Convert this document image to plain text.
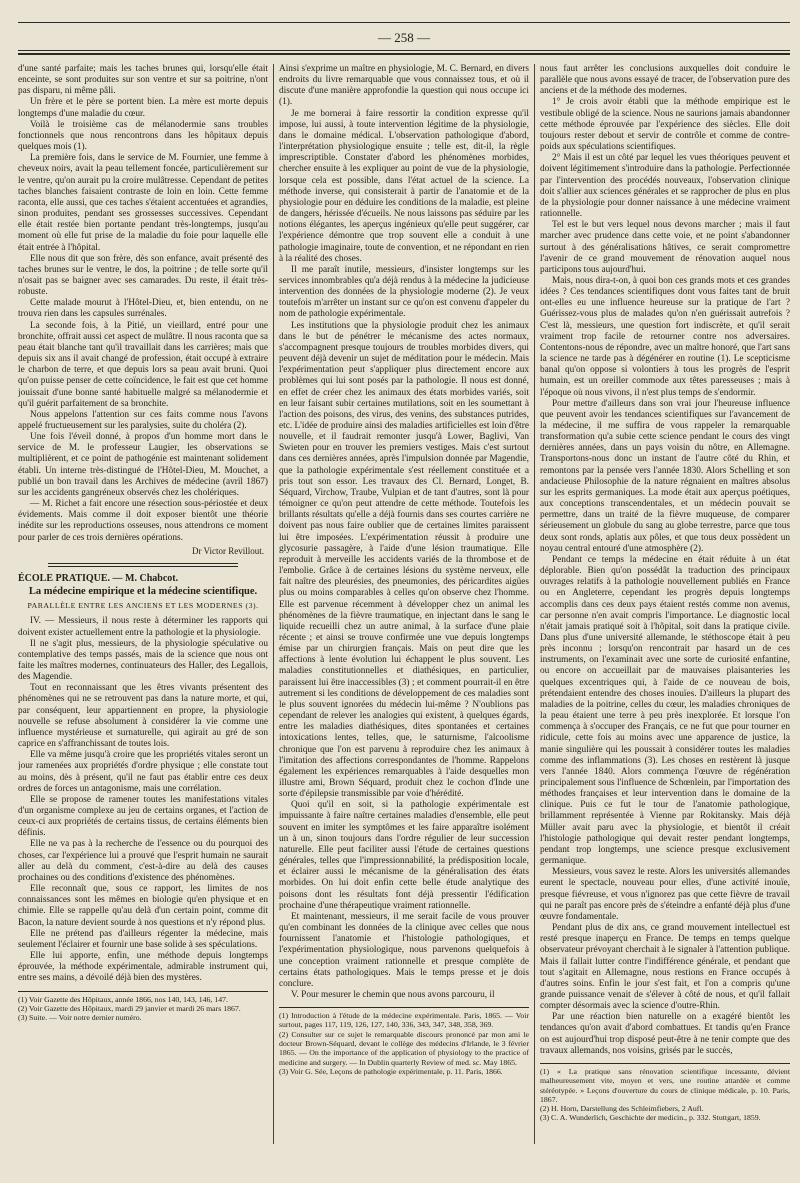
— 258 —

d'une santé parfaite; mais les taches brunes qui, lorsqu'elle était enceinte, se sont produites sur son ventre et sur sa poitrine, n'ont pas disparu, ni même pâli.

Un frère et le père se portent bien. La mère est morte depuis longtemps d'une maladie du cœur.

Voilà le troisième cas de mélanodermie sans troubles fonctionnels que nous rencontrons dans les hôpitaux depuis quelques mois (1).

La première fois, dans le service de M. Fournier, une femme à cheveux noirs, avait la peau tellement foncée, particulièrement sur le ventre, qu'on aurait pu la croire mulâtresse. Cependant de petites taches blanches faisaient contraste de loin en loin. Cette femme raconta, elle aussi, que ces taches s'étaient accentuées et agrandies, sinon produites, pendant ses grossesses successives. Cependant elle était restée bien portante pendant très-longtemps, jusqu'au moment où elle fut prise de la maladie du foie pour laquelle elle était entrée à l'hôpital.

Elle nous dit que son frère, dès son enfance, avait présenté des taches brunes sur le ventre, le dos, la poitrine ; de telle sorte qu'il n'osait pas se baigner avec ses camarades. Du reste, il était très-robuste.

Cette malade mourut à l'Hôtel-Dieu, et, bien entendu, on ne trouva rien dans les capsules surrénales.

La seconde fois, à la Pitié, un vieillard, entré pour une bronchite, offrait aussi cet aspect de mulâtre. Il nous raconta que sa peau était blanche tant qu'il travaillait dans les carrières; mais que depuis six ans il avait changé de profession, était occupé à extraire le charbon de terre, et que depuis lors sa peau avait bruni. Quoi qu'on puisse penser de cette coïncidence, le fait est que cet homme jouissait d'une bonne santé habituelle malgré sa mélanodermie et qu'il guérit parfaitement de sa bronchite.

Nous appelons l'attention sur ces faits comme nous l'avons appelé fructueusement sur les paralysies, suite du choléra (2).

Une fois l'éveil donné, à propos d'un homme mort dans le service de M. le professeur Laugier, les observations se multiplièrent, et ce point de pathogénie est maintenant solidement établi. Un interne très-distingué de l'Hôtel-Dieu, M. Mouchet, a publié un bon travail dans les Archives de médecine (avril 1867) sur les accidents gangréneux observés chez les cholériques.

— M. Richet a fait encore une résection sous-périostée et deux évidements. Mais comme il doit exposer bientôt une théorie inédite sur les reproductions osseuses, nous attendrons ce moment pour parler de ces trois dernières opérations.

Dr Victor Revillout.
ÉCOLE PRATIQUE. — M. Chabcot.
La médecine empirique et la médecine scientifique.
PARALLÈLE ENTRE LES ANCIENS ET LES MODERNES (3).

IV. — Messieurs, il nous reste à déterminer les rapports qui doivent exister actuellement entre la pathologie et la physiologie.

Il ne s'agit plus, messieurs, de la physiologie spéculative ou contemplative des temps passés, mais de la science que nous ont faite les maîtres modernes, continuateurs des Haller, des Legallois, des Magendie.

Tout en reconnaissant que les êtres vivants présentent des phénomènes qui ne se retrouvent pas dans la nature morte, et qui, par conséquent, leur appartiennent en propre, la physiologie nouvelle se refuse absolument à considérer la vie comme une influence mystérieuse et surnaturelle, qui agirait au gré de son caprice en s'affranchissant de toutes lois.

Elle va même jusqu'à croire que les propriétés vitales seront un jour ramenées aux propriétés d'ordre physique ; elle constate tout au moins, dès à présent, qu'il ne faut pas établir entre ces deux ordres de forces un antagonisme, mais une corrélation.

Elle se propose de ramener toutes les manifestations vitales d'un organisme complexe au jeu de certains organes, et l'action de ceux-ci aux propriétés de certains tissus, de certains éléments bien définis.

Elle ne va pas à la recherche de l'essence ou du pourquoi des choses, car l'expérience lui a prouvé que l'esprit humain ne saurait aller au delà du comment, c'est-à-dire au delà des causes prochaines ou des conditions d'existence des phénomènes.

Elle reconnaît que, sous ce rapport, les limites de nos connaissances sont les mêmes en biologie qu'en physique et en chimie. Elle se rappelle qu'au delà d'un certain point, comme dit Bacon, la nature devient sourde à nos questions et n'y répond plus.

Elle ne prétend pas d'ailleurs régenter la médecine, mais seulement l'éclairer et fournir une base solide à ses spéculations.

Elle lui apporte, enfin, une méthode depuis longtemps éprouvée, la méthode expérimentale, admirable instrument qui, entre ses mains, a dévoilé déjà bien des mystères.

(1) Voir Gazette des Hôpitaux, année 1866, nos 140, 143, 146, 147.

(2) Voir Gazette des Hôpitaux, mardi 29 janvier et mardi 26 mars 1867.

(3) Suite. — Voir notre dernier numéro.

Ainsi s'exprime un maître en physiologie, M. C. Bernard, en divers endroits du livre remarquable que vous connaissez tous, et où il discute d'une manière approfondie la question qui nous occupe ici (1).

Je me bornerai à faire ressortir la condition expresse qu'il impose, lui aussi, à toute intervention légitime de la physiologie, dans le domaine médical. L'observation pathologique d'abord, l'interprétation physiologique ensuite ; telle est, dit-il, la règle imprescriptible. Constater d'abord les phénomènes morbides, chercher ensuite à les expliquer au point de vue de la physiologie, lorsque cela est possible, dans l'état actuel de la science. La méthode inverse, qui consisterait à partir de l'anatomie et de la physiologie pour en déduire les conditions de la maladie, est pleine de dangers, hérissée d'écueils. Ne nous laissons pas séduire par les notions élégantes, les aperçus ingénieux qu'elle peut suggérer, car l'expérience démontre que trop souvent elle a conduit à une pathologie imaginaire, toute de convention, et ne répondant en rien à la réalité des choses.

Il me paraît inutile, messieurs, d'insister longtemps sur les services innombrables qu'a déjà rendus à la médecine la judicieuse intervention des données de la physiologie moderne (2). Je veux toutefois m'arrêter un instant sur ce qu'on est convenu d'appeler du nom de pathologie expérimentale.

Les institutions que la physiologie produit chez les animaux dans le but de pénétrer le mécanisme des actes normaux, s'accompagnent presque toujours de troubles morbides divers, qui peuvent déjà devenir un sujet de méditation pour le médecin. Mais l'expérimentation peut s'appliquer plus directement encore aux problèmes qui lui sont posés par la pathologie. Il nous est donné, en effet de créer chez les animaux des états morbides variés, soit en leur faisant subir certaines mutilations, soit en les soumettant à l'action des poisons, des virus, des venins, des substances putrides, etc. L'idée de produire ainsi des maladies artificielles est loin d'être nouvelle, et il faudrait remonter jusqu'à Lower, Baglivi, Van Swieten pour en trouver les premiers vestiges. Mais c'est surtout dans ces dernières années, après l'impulsion donnée par Magendie, que la pathologie expérimentale s'est réellement constituée et a pris tout son essor. Les travaux des Cl. Bernard, Longet, B. Séquard, Virchow, Traube, Vulpian et de tant d'autres, sont là pour témoigner ce qu'on peut attendre de cette méthode. Toutefois les brillants résultats qu'elle a déjà fournis dans ses courtes carrière ne doivent pas nous faire oublier que de certaines limites paraissent lui être imposées. L'expérimentation réussit à produire une glycosurie passagère, à l'aide d'une lésion traumatique. Elle reproduit à merveille les accidents variés de la thrombose et de l'embolie. Grâce à de certaines lésions du système nerveux, elle fait naître des pleurésies, des pneumonies, des péricardites aigües plus ou moins comparables à celles qu'on observe chez l'homme. Elle est parvenue récemment à développer chez un animal les phénomènes de la fièvre traumatique, en injectant dans le sang le liquide recueilli chez un autre animal, à la surface d'une plaie récente ; et ainsi se trouve confirmée une vue depuis longtemps émise par un chirurgien français. Mais on peut dire que les affections à lente évolution lui échappent le plus souvent. Les maladies constitutionnelles et diathésiques, en particulier, paraissent lui être inaccessibles (3) ; et comment pourrait-il en être autrement si les conditions de développement de ces maladies sont le plus souvent ignorées du médecin lui-même ? N'oublions pas cependant de relever les analogies qui existent, à quelques égards, entre les maladies diathésiques, dites spontanées et certaines intoxications lentes, telles, que, le saturnisme, l'alcoolisme chronique que l'on est parvenu à reproduire chez les animaux à l'imitation des affections correspondantes de l'homme. Rappelons également les expériences remarquables à l'aide desquelles mon illustre ami, Brown Séquard, produit chez le cochon d'Inde une sorte d'épilepsie transmissible par voie d'hérédité.

Quoi qu'il en soit, si la pathologie expérimentale est impuissante à faire naître certaines maladies d'ensemble, elle peut souvent en imiter les symptômes et les faire apparaître isolément un à un, sinon toujours dans l'ordre régulier de leur succession naturelle. Elle peut faciliter aussi l'étude de certaines questions générales, telles que l'impressionnabilité, la prédisposition locale, et éclairer aussi le mécanisme de la généralisation des états morbides. On lui doit enfin cette belle étude analytique des poisons dont les résultats font déjà pressentir l'édification prochaine d'une thérapeutique vraiment rationnelle.

Et maintenant, messieurs, il me serait facile de vous prouver qu'en combinant les données de la clinique avec celles que nous fournissent l'anatomie et l'histologie pathologiques, et l'expérimentation physiologique, nous parvenons quelquefois à une conception vraiment rationnelle et presque complète de certains états pathologiques. Mais le temps presse et je dois conclure.

V. Pour mesurer le chemin que nous avons parcouru, il

(1) Introduction à l'étude de la médecine expérimentale. Paris, 1865. — Voir surtout, pages 117, 119, 126, 127, 140, 336, 343, 347, 348, 358, 369.

(2) Consulter sur ce sujet le remarquable discours prononcé par mon ami le docteur Brown-Séquard, devant le collège des médecins d'Irlande, le 3 février 1865. — On the importance of the application of physiology to the practice of medicine and surgery. — In Dublin quarterly Review of med. sc. May 1865.

(3) Voir G. Sée, Leçons de pathologie expérimentale, p. 11. Paris, 1866.

nous faut arrêter les conclusions auxquelles doit conduire le parallèle que nous avons essayé de tracer, de l'observation pure des anciens et de la méthode des modernes.

1° Je crois avoir établi que la méthode empirique est le vestibule obligé de la science. Nous ne saurions jamais abandonner cette méthode éprouvée par l'expérience des siècles. Elle doit toujours rester debout et servir de contrôle et comme de contre-poids aux spéculations scientifiques.

2° Mais il est un côté par lequel les vues théoriques peuvent et doivent légitimement s'introduire dans la pathologie. Perfectionnée par l'intervention des procédés nouveaux, l'observation clinique doit s'allier aux sciences générales et se rapprocher de plus en plus de la physiologie pour donner naissance à une médecine vraiment rationnelle.

Tel est le but vers lequel nous devons marcher ; mais il faut marcher avec prudence dans cette voie, et ne point s'abandonner surtout à des généralisations hâtives, ce serait compromettre l'avenir de ce grand mouvement de rénovation auquel nous participons tous aujourd'hui.

Mais, nous dira-t-on, à quoi bon ces grands mots et ces grandes idées ? Ces tendances scientifiques dont vous faites tant de bruit ont-elles eu une influence heureuse sur la pratique de l'art ? Guérissez-vous plus de malades qu'on n'en guérissait autrefois ? C'est là, messieurs, une question fort indiscrète, et qu'il serait vraiment trop facile de retourner contre nos adversaires. Contentons-nous de répondre, avec un maître honoré, que l'art sans la science ne tarde pas à dégénérer en routine (1). Le scepticisme banal qu'on oppose si volontiers à tous les progrès de l'esprit humain, est un oreiller commode aux têtes paresseuses ; mais à l'époque où nous vivons, il n'est plus temps de s'endormir.

Pour mettre d'ailleurs dans son vrai jour l'heureuse influence que peuvent avoir les tendances scientifiques sur l'avancement de la médecine, il me suffira de vous rappeler la remarquable transformation qu'a subie cette science pendant le cours des vingt dernières années, dans un pays voisin du nôtre, en Allemagne. Transportons-nous donc un instant de l'autre côté du Rhin, et remontons par la pensée vers l'année 1830. Alors Schelling et son andacieuse Philosophie de la nature régnaient en maîtres absolus sur les esprits germaniques. La mode était aux aperçus poétiques, aux conceptions transcendentales, et un médecin pouvait se permettre, dans un traité de la fièvre muqueuse, de comparer sérieusement un globule du sang au globe terrestre, parce que tous deux sont ronds, aplatis aux pôles, et que tous deux possèdent un noyau central entouré d'une atmosphère (2).

Pendant ce temps la médecine en était réduite à un état déplorable. Bien qu'on possédât la traduction des principaux ouvrages relatifs à la pathologie nouvellement publiés en France ou en Angleterre, cependant les progrès depuis longtemps accomplis dans ces deux pays étaient restés comme non avenus, car personne n'en avait compris l'importance. Le diagnostic local n'était jamais pratiqué soit à l'hôpital, soit dans la pratique civile. Dans plus d'une université allemande, le stéthoscope était à peu près inconnu ; lorsqu'on rencontrait par hasard un de ces instruments, on l'examinait avec une sorte de curiosité enfantine, ou encore on accueillait par de mauvaises plaisanteries les quelques excentriques qui, à l'aide de ce nouveau de bois, prétendaient entendre des choses inouïes. D'ailleurs la plupart des maladies de la poitrine, celles du cœur, les maladies chroniques de la peau étaient une terre à peu près inexplorée. Et lorsque l'on commença à s'occuper des Français, ce ne fut que pour tourner en ridicule, cette fois au moins avec une apparence de justice, la manie singulière qui les poussait à considérer toutes les maladies comme des inflammations (3). Les choses en restèrent là jusque vers l'année 1840. Alors commença l'œuvre de régénération principalement sous l'influence de Schœnlein, par l'importation des méthodes françaises et leur intervention dans le domaine de la clinique. Puis ce fut le tour de l'anatomie pathologique, brillamment représentée à Vienne par Rokitansky. Mais déjà Müller avait paru avec la physiologie, et bientôt il créait l'histologie pathologique qui devait rester pendant longtemps, pendant trop longtemps, une science presque exclusivement germanique.

Messieurs, vous savez le reste. Alors les universités allemandes eurent le spectacle, nouveau pour elles, d'une activité inouïe, presque fiévreuse, et vous n'ignorez pas que cette fièvre de travail qui ne paraît pas encore près de s'éteindre a enfanté déjà plus d'une œuvre fondamentale.

Pendant plus de dix ans, ce grand mouvement intellectuel est resté presque inaperçu en France. De temps en temps quelque observateur prévoyant cherchait à le signaler à l'attention publique. Mais il fallait lutter contre l'indifférence générale, et pendant que tout s'agitait en Allemagne, nous restions en France occupés à d'autres soins. Enfin le jour s'est fait, et l'on a compris qu'une grande puissance venait de s'élever à côté de nous, et qu'il fallait compter désormais avec la science d'outre-Rhin.

Par une réaction bien naturelle on a exagéré bientôt les tendances qu'on avait d'abord combattues. Et tandis qu'en France on est aujourd'hui trop disposé peut-être à ne tenir compte que des travaux allemands, nos voisins, grisés par le succès,

(1) « La pratique sans rénovation scientifique incessante, dévient malheureusement vite, moyen et vers, une routine attardée et comme stéréotypée. » Leçons d'ouverture du cours de clinique médicale, p. 10. Paris, 1867.

(2) H. Horn, Darstellung des Schleimfiebers, 2 Aufl.

(3) C. A. Wunderlich, Geschichte der medicin., p. 332. Stuttgart, 1859.
